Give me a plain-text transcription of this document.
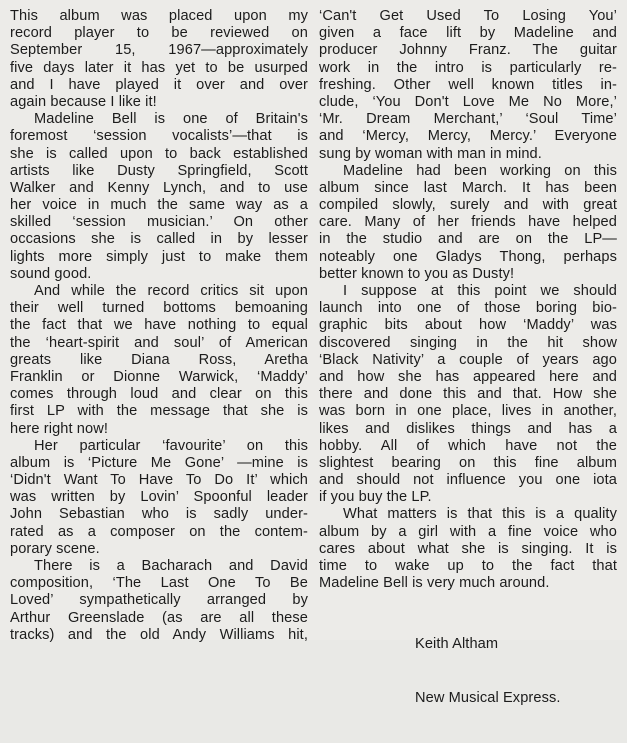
This album was placed upon my
record player to be reviewed on
September 15, 1967—approximately
five days later it has yet to be usurped
and I have played it over and over
again because I like it!
Madeline Bell is one of Britain's
foremost ‘session vocalists’—that is
she is called upon to back established
artists like Dusty Springfield, Scott
Walker and Kenny Lynch, and to use
her voice in much the same way as a
skilled ‘session musician.’ On other
occasions she is called in by lesser
lights more simply just to make them
sound good.
And while the record critics sit upon
their well turned bottoms bemoaning
the fact that we have nothing to equal
the ‘heart-spirit and soul’ of American
greats like Diana Ross, Aretha
Franklin or Dionne Warwick, ‘Maddy’
comes through loud and clear on this
first LP with the message that she is
here right now!
Her particular ‘favourite’ on this
album is ‘Picture Me Gone’ —mine is
‘Didn't Want To Have To Do It’ which
was written by Lovin’ Spoonful leader
John Sebastian who is sadly under-
rated as a composer on the contem-
porary scene.
There is a Bacharach and David
composition, ‘The Last One To Be
Loved’ sympathetically arranged by
Arthur Greenslade (as are all these
tracks) and the old Andy Williams hit,
‘Can't Get Used To Losing You’
given a face lift by Madeline and
producer Johnny Franz. The guitar
work in the intro is particularly re-
freshing. Other well known titles in-
clude, ‘You Don't Love Me No More,’
‘Mr. Dream Merchant,’ ‘Soul Time’
and ‘Mercy, Mercy, Mercy.’ Everyone
sung by woman with man in mind.
Madeline had been working on this
album since last March. It has been
compiled slowly, surely and with great
care. Many of her friends have helped
in the studio and are on the LP—
noteably one Gladys Thong, perhaps
better known to you as Dusty!
I suppose at this point we should
launch into one of those boring bio-
graphic bits about how ‘Maddy’ was
discovered singing in the hit show
‘Black Nativity’ a couple of years ago
and how she has appeared here and
there and done this and that. How she
was born in one place, lives in another,
likes and dislikes things and has a
hobby. All of which have not the
slightest bearing on this fine album
and should not influence you one iota
if you buy the LP.
What matters is that this is a quality
album by a girl with a fine voice who
cares about what she is singing. It is
time to wake up to the fact that
Madeline Bell is very much around.

Keith Altham

New Musical Express.
